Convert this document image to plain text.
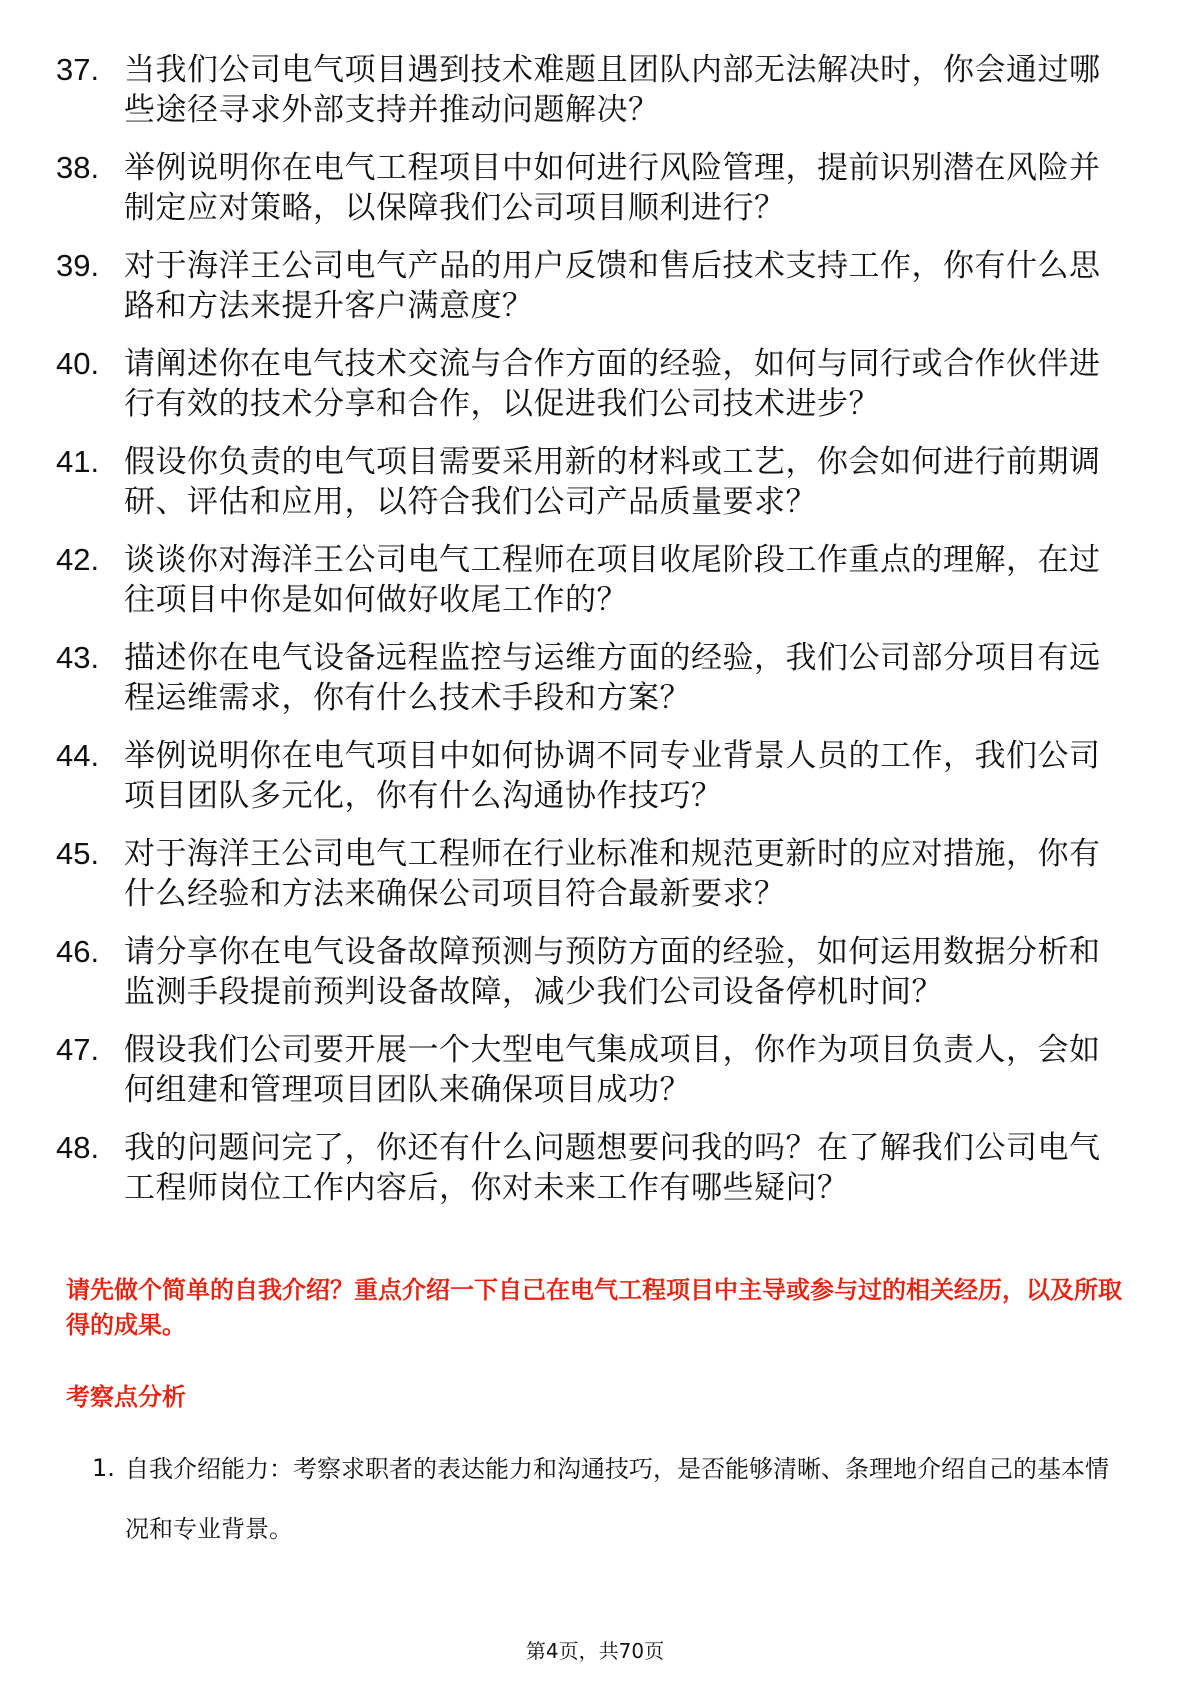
37. 当我们公司电气项目遇到技术难题且团队内部无法解决时，你会通过哪些途径寻求外部支持并推动问题解决？
38. 举例说明你在电气工程项目中如何进行风险管理，提前识别潜在风险并制定应对策略，以保障我们公司项目顺利进行？
39. 对于海洋王公司电气产品的用户反馈和售后技术支持工作，你有什么思路和方法来提升客户满意度？
40. 请阐述你在电气技术交流与合作方面的经验，如何与同行或合作伙伴进行有效的技术分享和合作，以促进我们公司技术进步？
41. 假设你负责的电气项目需要采用新的材料或工艺，你会如何进行前期调研、评估和应用，以符合我们公司产品质量要求？
42. 谈谈你对海洋王公司电气工程师在项目收尾阶段工作重点的理解，在过往项目中你是如何做好收尾工作的？
43. 描述你在电气设备远程监控与运维方面的经验，我们公司部分项目有远程运维需求，你有什么技术手段和方案？
44. 举例说明你在电气项目中如何协调不同专业背景人员的工作，我们公司项目团队多元化，你有什么沟通协作技巧？
45. 对于海洋王公司电气工程师在行业标准和规范更新时的应对措施，你有什么经验和方法来确保公司项目符合最新要求？
46. 请分享你在电气设备故障预测与预防方面的经验，如何运用数据分析和监测手段提前预判设备故障，减少我们公司设备停机时间？
47. 假设我们公司要开展一个大型电气集成项目，你作为项目负责人，会如何组建和管理项目团队来确保项目成功？
48. 我的问题问完了，你还有什么问题想要问我的吗？在了解我们公司电气工程师岗位工作内容后，你对未来工作有哪些疑问？
请先做个简单的自我介绍？重点介绍一下自己在电气工程项目中主导或参与过的相关经历，以及所取得的成果。
考察点分析
1. 自我介绍能力：考察求职者的表达能力和沟通技巧，是否能够清晰、条理地介绍自己的基本情况和专业背景。
第4页，共70页
